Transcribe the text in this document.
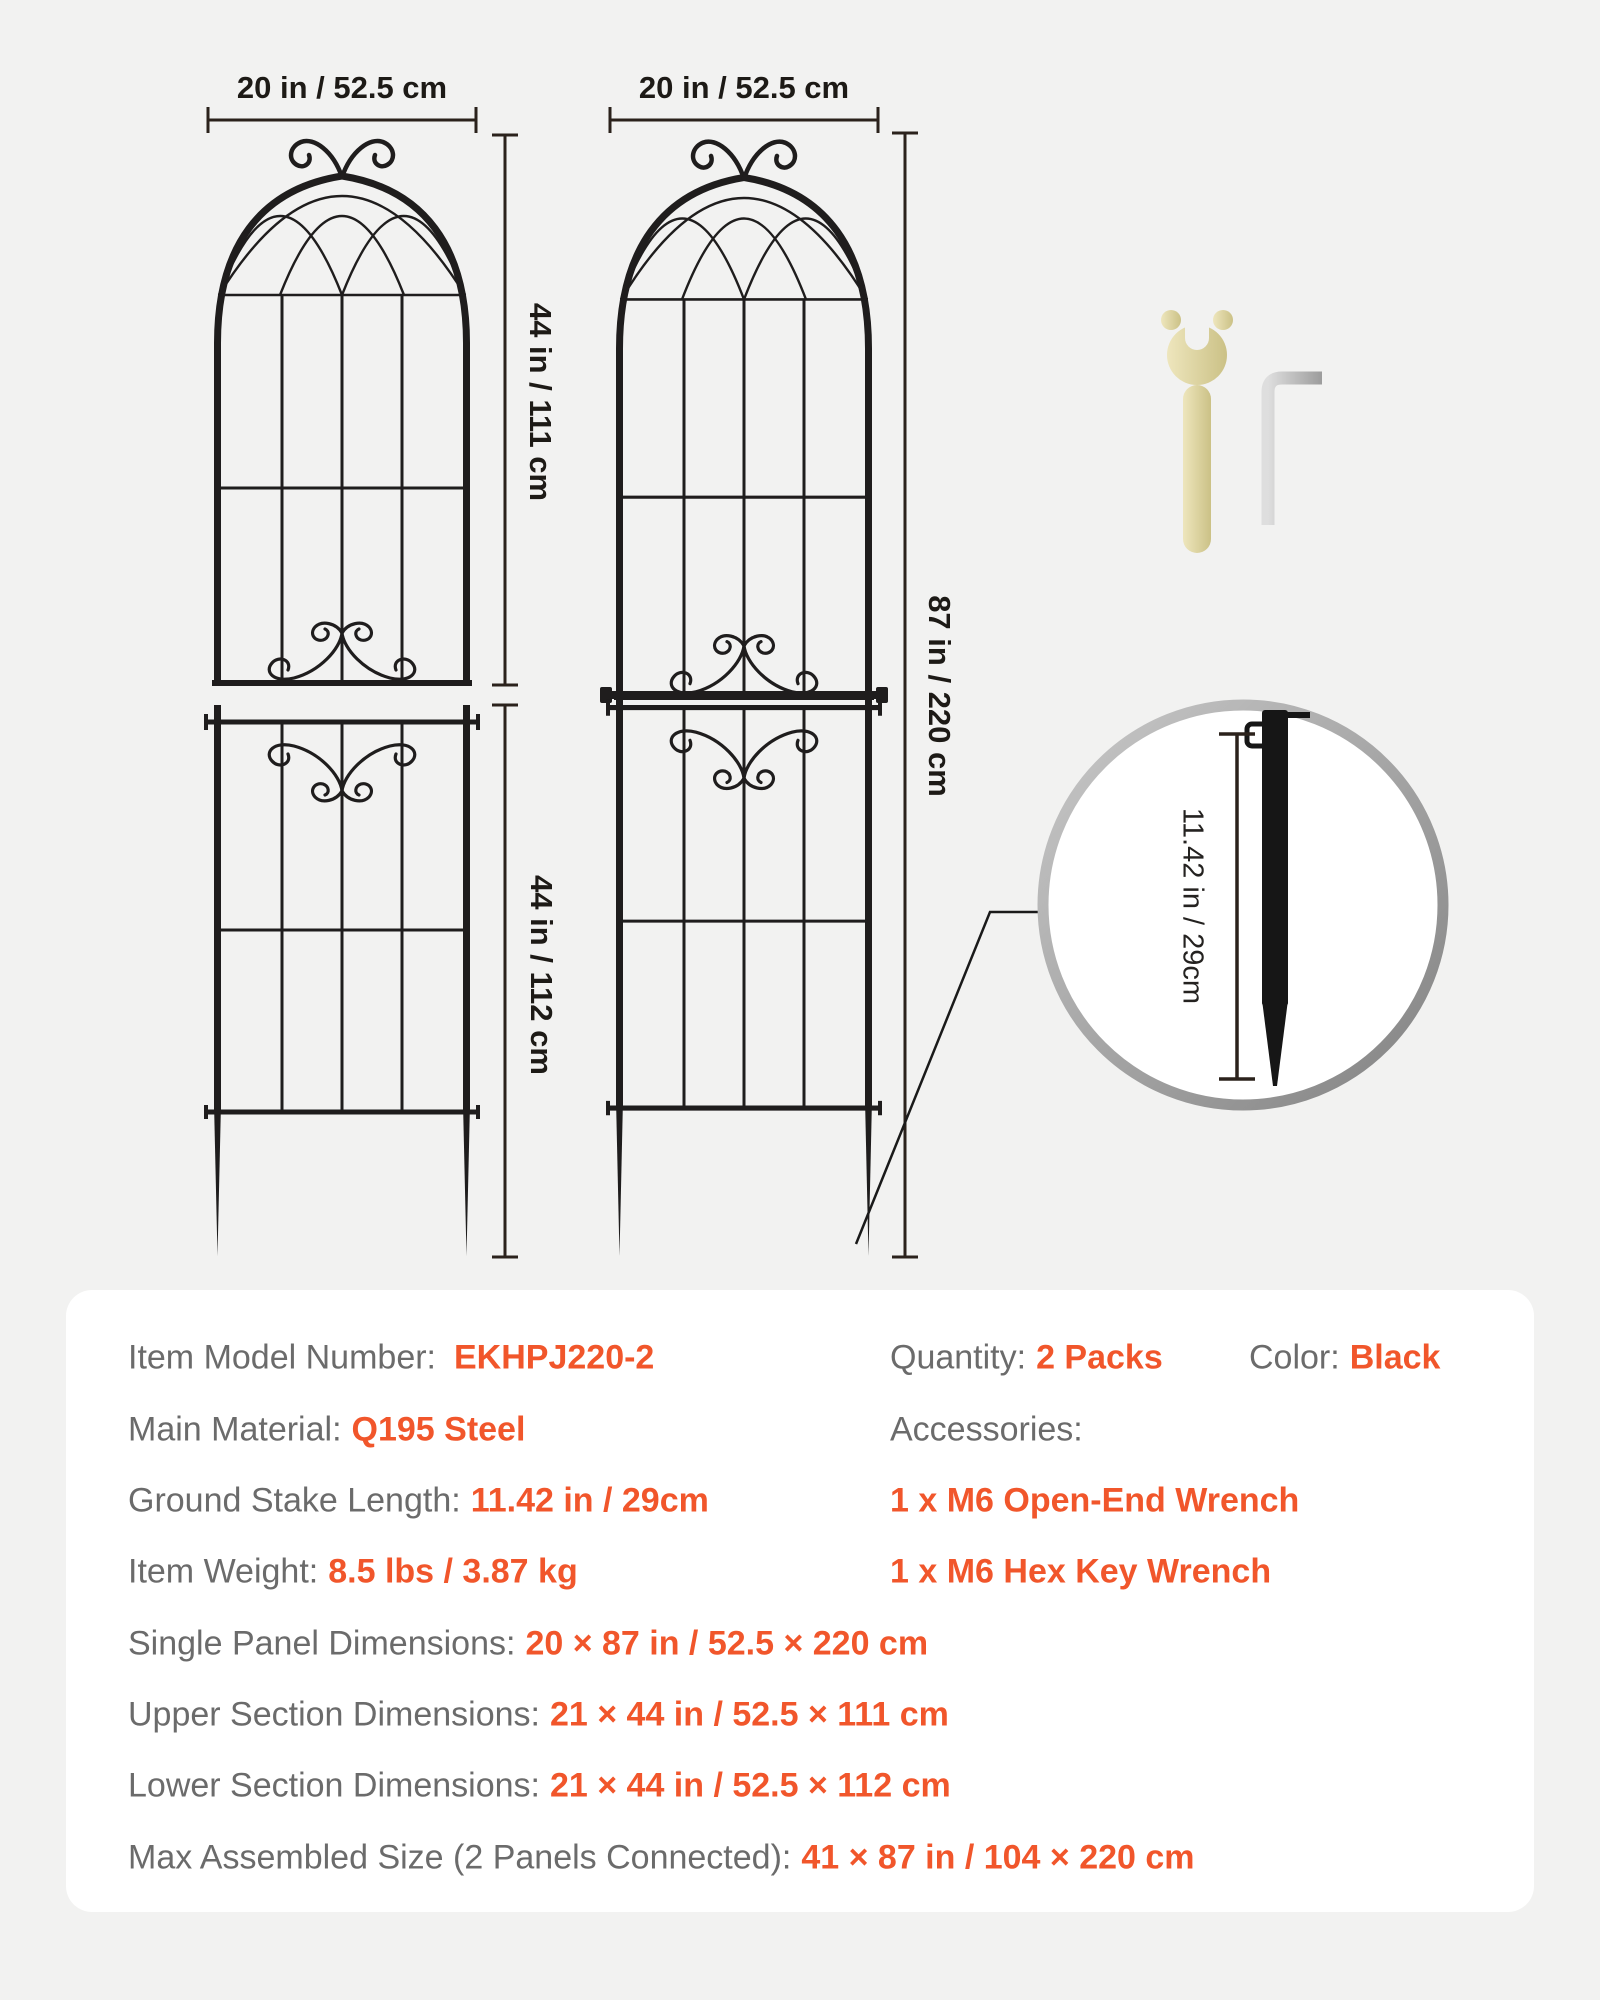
20 in / 52.5 cm	20 in / 52.5 cm
44 in / 111 cm
44 in / 112 cm
87 in / 220 cm
11.42 in / 29cm
Item Model Number: EKHPJ220-2	Quantity: 2 Packs	Color: Black
Main Material: Q195 Steel	Accessories:
Ground Stake Length: 11.42 in / 29cm	1 x M6 Open-End Wrench
Item Weight: 8.5 lbs / 3.87 kg	1 x M6 Hex Key Wrench
Single Panel Dimensions: 20 × 87 in / 52.5 × 220 cm
Upper Section Dimensions: 21 × 44 in / 52.5 × 111 cm
Lower Section Dimensions: 21 × 44 in / 52.5 × 112 cm
Max Assembled Size (2 Panels Connected): 41 × 87 in / 104 × 220 cm
